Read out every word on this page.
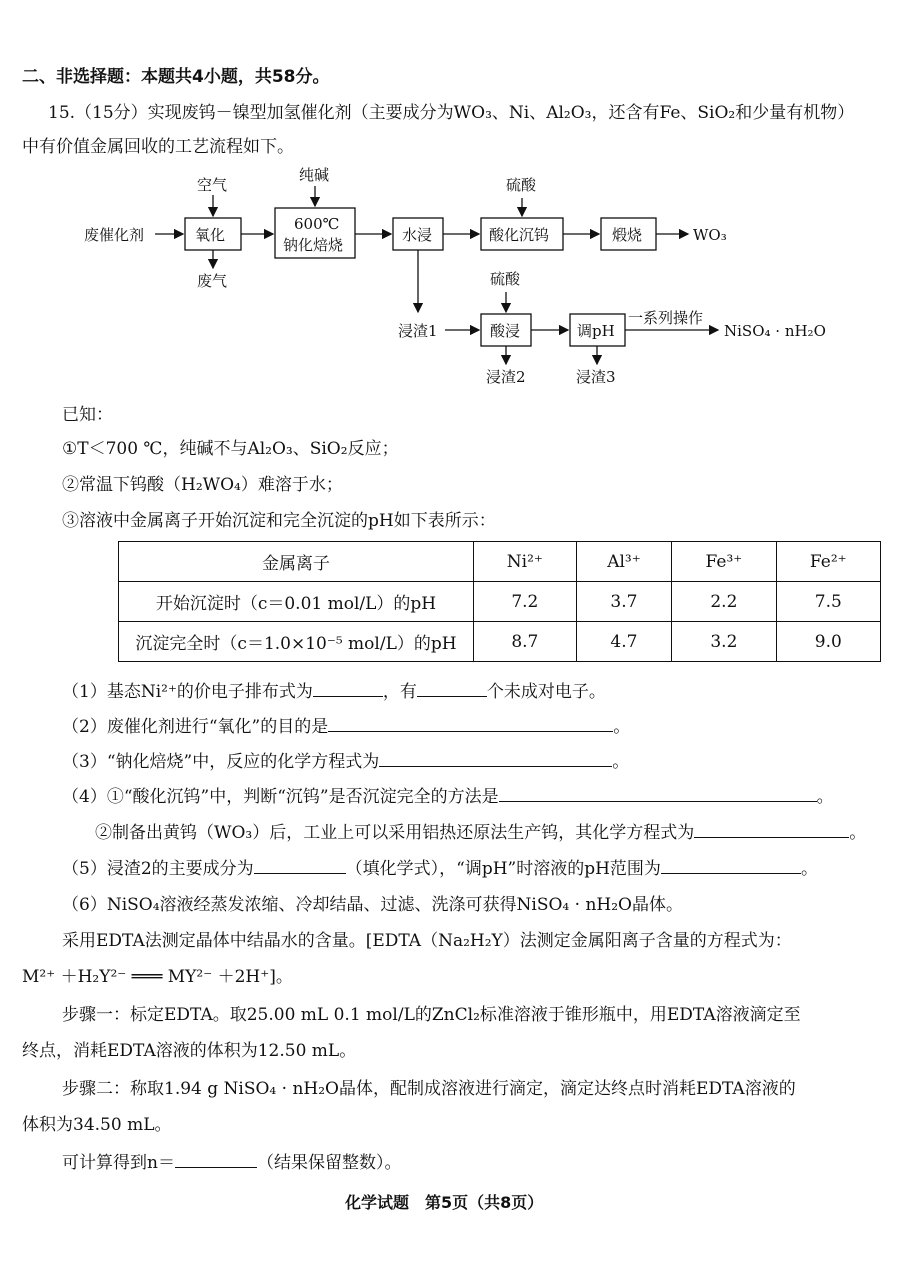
二、非选择题：本题共4小题，共58分。
15.（15分）实现废钨－镍型加氢催化剂（主要成分为WO₃、Ni、Al₂O₃，还含有Fe、SiO₂和少量有机物）
中有价值金属回收的工艺流程如下。
废催化剂	氧化
空气
废气
纯碱
600℃
钠化焙烧
水浸
硫酸
酸化沉钨	煅烧	WO₃
浸渣1
硫酸
酸浸
浸渣2
调pH
浸渣3
一系列操作
NiSO₄ · nH₂O
已知：
①T＜700 ℃，纯碱不与Al₂O₃、SiO₂反应；
②常温下钨酸（H₂WO₄）难溶于水；
③溶液中金属离子开始沉淀和完全沉淀的pH如下表所示：
金属离子	Ni²⁺	Al³⁺	Fe³⁺	Fe²⁺
开始沉淀时（c＝0.01 mol/L）的pH	7.2	3.7	2.2	7.5
沉淀完全时（c＝1.0×10⁻⁵ mol/L）的pH	8.7	4.7	3.2	9.0
（1）基态Ni²⁺的价电子排布式为	，有	个未成对电子。
（2）废催化剂进行“氧化”的目的是	。
（3）“钠化焙烧”中，反应的化学方程式为	。
（4）①“酸化沉钨”中，判断“沉钨”是否沉淀完全的方法是	。
②制备出黄钨（WO₃）后，工业上可以采用铝热还原法生产钨，其化学方程式为	。
（5）浸渣2的主要成分为	（填化学式），“调pH”时溶液的pH范围为	。
（6）NiSO₄溶液经蒸发浓缩、冷却结晶、过滤、洗涤可获得NiSO₄ · nH₂O晶体。
采用EDTA法测定晶体中结晶水的含量。[EDTA（Na₂H₂Y）法测定金属阳离子含量的方程式为：
M²⁺ ＋H₂Y²⁻ ═══ MY²⁻ ＋2H⁺]。
步骤一：标定EDTA。取25.00 mL 0.1 mol/L的ZnCl₂标准溶液于锥形瓶中，用EDTA溶液滴定至
终点，消耗EDTA溶液的体积为12.50 mL。
步骤二：称取1.94 g NiSO₄ · nH₂O晶体，配制成溶液进行滴定，滴定达终点时消耗EDTA溶液的
体积为34.50 mL。
可计算得到n＝	（结果保留整数）。
化学试题　第5页（共8页）
